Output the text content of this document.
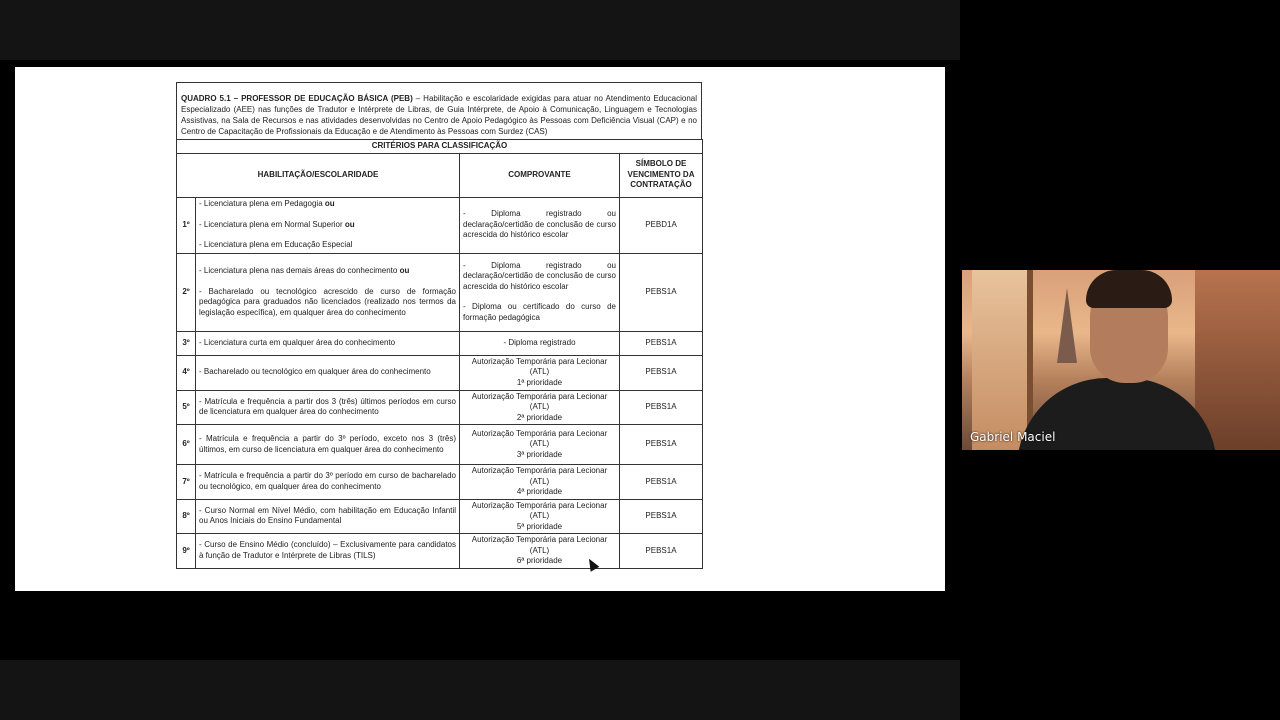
QUADRO 5.1 – PROFESSOR DE EDUCAÇÃO BÁSICA (PEB) – Habilitação e escolaridade exigidas para atuar no Atendimento Educacional Especializado (AEE) nas funções de Tradutor e Intérprete de Libras, de Guia Intérprete, de Apoio à Comunicação, Linguagem e Tecnologias Assistivas, na Sala de Recursos e nas atividades desenvolvidas no Centro de Apoio Pedagógico às Pessoas com Deficiência Visual (CAP) e no Centro de Capacitação de Profissionais da Educação e de Atendimento às Pessoas com Surdez (CAS)
CRITÉRIOS PARA CLASSIFICAÇÃO			
HABILITAÇÃO/ESCOLARIDADE		COMPROVANTE	SÍMBOLO DE VENCIMENTO DA CONTRATAÇÃO
1º	- Licenciatura plena em Pedagogia ou
- Licenciatura plena em Normal Superior ou
- Licenciatura plena em Educação Especial	- Diploma registrado ou declaração/certidão de conclusão de curso acrescida do histórico escolar	PEBD1A
2º	- Licenciatura plena nas demais áreas do conhecimento ou
- Bacharelado ou tecnológico acrescido de curso de formação pedagógica para graduados não licenciados (realizado nos termos da legislação específica), em qualquer área do conhecimento	- Diploma registrado ou declaração/certidão de conclusão de curso acrescida do histórico escolar
- Diploma ou certificado do curso de formação pedagógica	PEBS1A
3º	- Licenciatura curta em qualquer área do conhecimento	- Diploma registrado	PEBS1A
4º	- Bacharelado ou tecnológico em qualquer área do conhecimento	Autorização Temporária para Lecionar (ATL)
1ª prioridade	PEBS1A
5º	- Matrícula e frequência a partir dos 3 (três) últimos períodos em curso de licenciatura em qualquer área do conhecimento	Autorização Temporária para Lecionar (ATL)
2ª prioridade	PEBS1A
6º	- Matrícula e frequência a partir do 3º período, exceto nos 3 (três) últimos, em curso de licenciatura em qualquer área do conhecimento	Autorização Temporária para Lecionar (ATL)
3ª prioridade	PEBS1A
7º	- Matrícula e frequência a partir do 3º período em curso de bacharelado ou tecnológico, em qualquer área do conhecimento	Autorização Temporária para Lecionar (ATL)
4ª prioridade	PEBS1A
8º	- Curso Normal em Nível Médio, com habilitação em Educação Infantil ou Anos Iniciais do Ensino Fundamental	Autorização Temporária para Lecionar (ATL)
5ª prioridade	PEBS1A
9º	- Curso de Ensino Médio (concluído) – Exclusivamente para candidatos à função de Tradutor e Intérprete de Libras (TILS)	Autorização Temporária para Lecionar (ATL)
6ª prioridade	PEBS1A
Gabriel Maciel
